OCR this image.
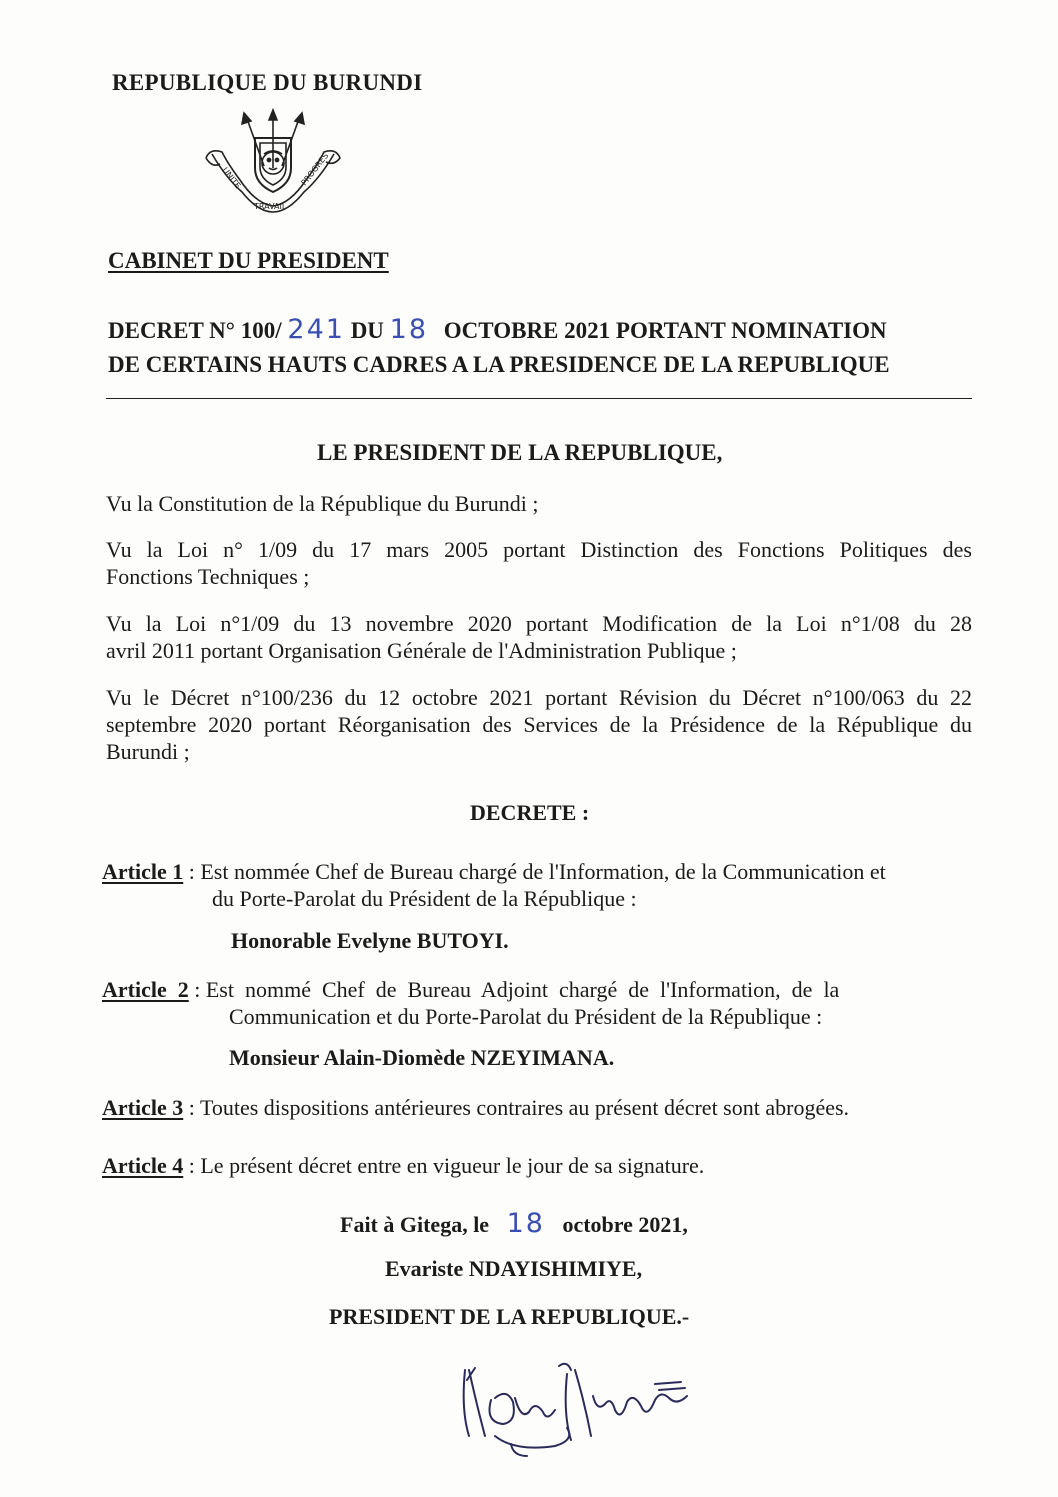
REPUBLIQUE DU BURUNDI
UNITE
TRAVAIL
PROGRES
CABINET DU PRESIDENT
DECRET N° 100/ 241 DU 18 OCTOBRE 2021 PORTANT NOMINATION
DE CERTAINS HAUTS CADRES A LA PRESIDENCE DE LA REPUBLIQUE
LE PRESIDENT DE LA REPUBLIQUE,
Vu la Constitution de la République du Burundi ;
Vu la Loi n° 1/09 du 17 mars 2005 portant Distinction des Fonctions Politiques des
Fonctions Techniques ;
Vu la Loi n°1/09 du 13 novembre 2020 portant Modification de la Loi n°1/08 du 28
avril 2011 portant Organisation Générale de l'Administration Publique ;
Vu le Décret n°100/236 du 12 octobre 2021 portant Révision du Décret n°100/063 du 22
septembre 2020 portant Réorganisation des Services de la Présidence de la République du
Burundi ;
DECRETE :
Article 1 : Est nommée Chef de Bureau chargé de l'Information, de la Communication et
du Porte-Parolat du Président de la République :
Honorable Evelyne BUTOYI.
Article  2 : Est  nommé  Chef  de  Bureau  Adjoint  chargé  de  l'Information,  de  la
Communication et du Porte-Parolat du Président de la République :
Monsieur Alain-Diomède NZEYIMANA.
Article 3 : Toutes dispositions antérieures contraires au présent décret sont abrogées.
Article 4 : Le présent décret entre en vigueur le jour de sa signature.
Fait à Gitega, le 18 octobre 2021,
Evariste NDAYISHIMIYE,
PRESIDENT DE LA REPUBLIQUE.-
